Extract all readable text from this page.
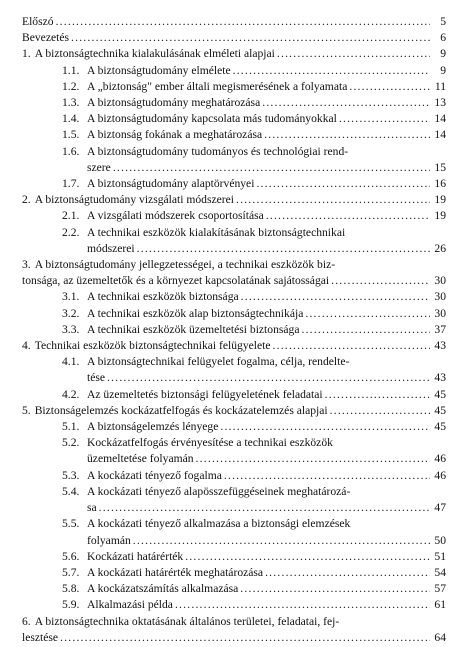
Előszó .....	5
Bevezetés .....	6
1. A biztonságtechnika kialakulásának elméleti alapjai .....	9
1.1. A biztonságtudomány elmélete .....	9
1.2. A „biztonság" ember általi megismerésének a folyamata .....	11
1.3. A biztonságtudomány meghatározása .....	13
1.4. A biztonságtudomány kapcsolata más tudományokkal .....	14
1.5. A biztonság fokának a meghatározása .....	14
1.6. A biztonságtudomány tudományos és technológiai rend-
szere .....	15
1.7. A biztonságtudomány alaptörvényei .....	16
2. A biztonságtudomány vizsgálati módszerei .....	19
2.1. A vizsgálati módszerek csoportosítása .....	19
2.2. A technikai eszközök kialakításának biztonságtechnikai
módszerei .....	26
3. A biztonságtudomány jellegzetességei, a technikai eszközök biz-
tonsága, az üzemeltetők és a környezet kapcsolatának sajátosságai .....	30
3.1. A technikai eszközök biztonsága .....	30
3.2. A technikai eszközök alap biztonságtechnikája .....	30
3.3. A technikai eszközök üzemeltetési biztonsága .....	37
4. Technikai eszközök biztonságtechnikai felügyelete .....	43
4.1. A biztonságtechnikai felügyelet fogalma, célja, rendelte-
tése .....	43
4.2. Az üzemeltetés biztonsági felügyeletének feladatai .....	45
5. Biztonságelemzés kockázatfelfogás és kockázatelemzés alapjai .....	45
5.1. A biztonságelemzés lényege .....	45
5.2. Kockázatfelfogás érvényesítése a technikai eszközök
üzemeltetése folyamán .....	46
5.3. A kockázati tényező fogalma .....	46
5.4. A kockázati tényező alapösszefüggéseinek meghatározá-
sa .....	47
5.5. A kockázati tényező alkalmazása a biztonsági elemzések
folyamán .....	50
5.6. Kockázati határérték .....	51
5.7. A kockázati határérték meghatározása .....	54
5.8. A kockázatszámítás alkalmazása .....	57
5.9. Alkalmazási példa .....	61
6. A biztonságtechnika oktatásának általános területei, feladatai, fej-
lesztése .....	64
